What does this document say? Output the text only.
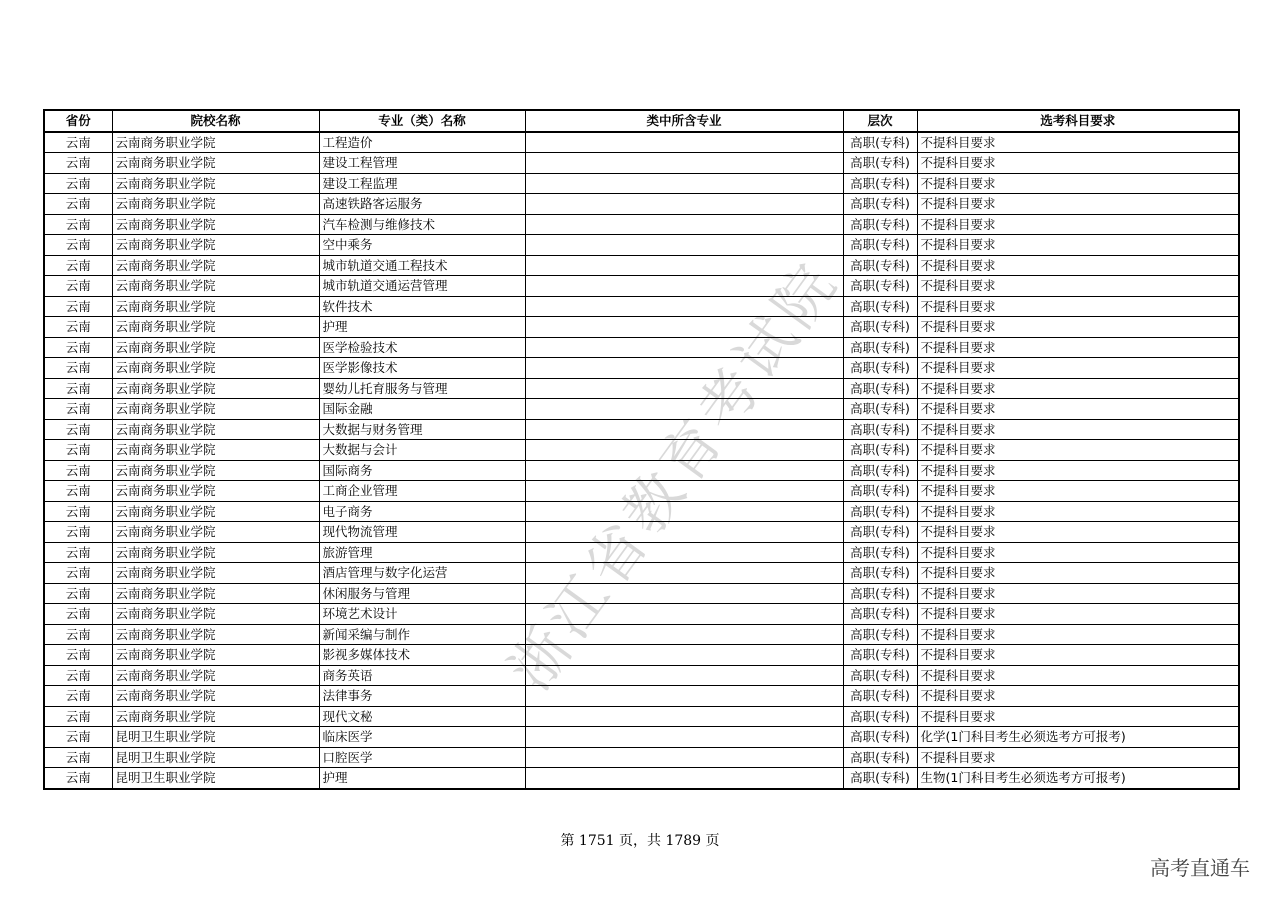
浙江省教育考试院
省份	院校名称	专业（类）名称	类中所含专业	层次	选考科目要求
云南	云南商务职业学院	工程造价		高职(专科)	不提科目要求
云南	云南商务职业学院	建设工程管理		高职(专科)	不提科目要求
云南	云南商务职业学院	建设工程监理		高职(专科)	不提科目要求
云南	云南商务职业学院	高速铁路客运服务		高职(专科)	不提科目要求
云南	云南商务职业学院	汽车检测与维修技术		高职(专科)	不提科目要求
云南	云南商务职业学院	空中乘务		高职(专科)	不提科目要求
云南	云南商务职业学院	城市轨道交通工程技术		高职(专科)	不提科目要求
云南	云南商务职业学院	城市轨道交通运营管理		高职(专科)	不提科目要求
云南	云南商务职业学院	软件技术		高职(专科)	不提科目要求
云南	云南商务职业学院	护理		高职(专科)	不提科目要求
云南	云南商务职业学院	医学检验技术		高职(专科)	不提科目要求
云南	云南商务职业学院	医学影像技术		高职(专科)	不提科目要求
云南	云南商务职业学院	婴幼儿托育服务与管理		高职(专科)	不提科目要求
云南	云南商务职业学院	国际金融		高职(专科)	不提科目要求
云南	云南商务职业学院	大数据与财务管理		高职(专科)	不提科目要求
云南	云南商务职业学院	大数据与会计		高职(专科)	不提科目要求
云南	云南商务职业学院	国际商务		高职(专科)	不提科目要求
云南	云南商务职业学院	工商企业管理		高职(专科)	不提科目要求
云南	云南商务职业学院	电子商务		高职(专科)	不提科目要求
云南	云南商务职业学院	现代物流管理		高职(专科)	不提科目要求
云南	云南商务职业学院	旅游管理		高职(专科)	不提科目要求
云南	云南商务职业学院	酒店管理与数字化运营		高职(专科)	不提科目要求
云南	云南商务职业学院	休闲服务与管理		高职(专科)	不提科目要求
云南	云南商务职业学院	环境艺术设计		高职(专科)	不提科目要求
云南	云南商务职业学院	新闻采编与制作		高职(专科)	不提科目要求
云南	云南商务职业学院	影视多媒体技术		高职(专科)	不提科目要求
云南	云南商务职业学院	商务英语		高职(专科)	不提科目要求
云南	云南商务职业学院	法律事务		高职(专科)	不提科目要求
云南	云南商务职业学院	现代文秘		高职(专科)	不提科目要求
云南	昆明卫生职业学院	临床医学		高职(专科)	化学(1门科目考生必须选考方可报考)
云南	昆明卫生职业学院	口腔医学		高职(专科)	不提科目要求
云南	昆明卫生职业学院	护理		高职(专科)	生物(1门科目考生必须选考方可报考)
第 1751 页，共 1789 页
高考直通车
